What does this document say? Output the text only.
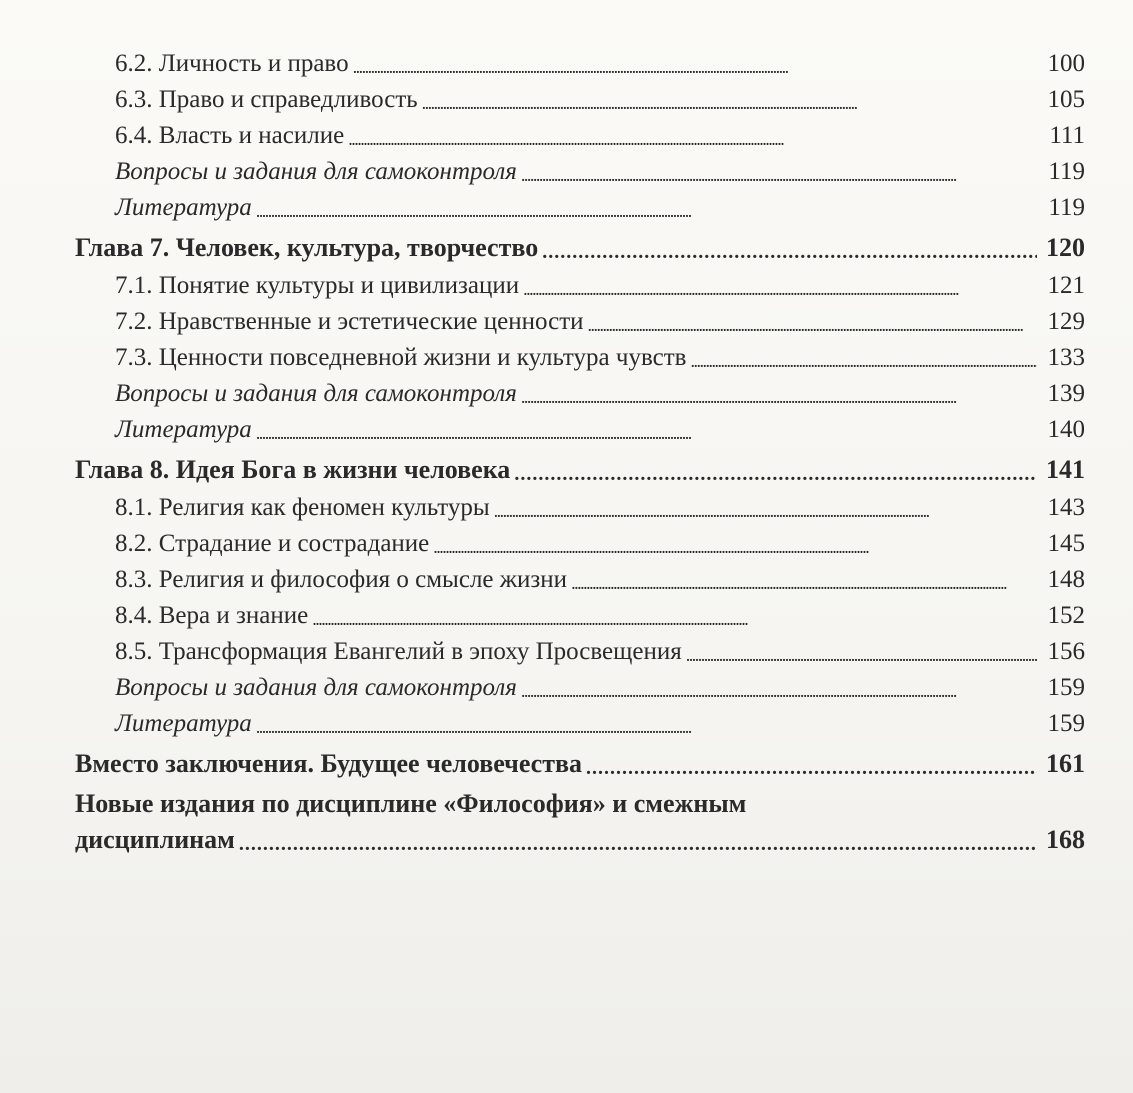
6.2. Личность и право . . .	100
6.3. Право и справедливость . . .	105
6.4. Власть и насилие . . .	111
Вопросы и задания для самоконтроля . . .	119
Литература . . .	119
Глава 7. Человек, культура, творчество . . .	120
7.1. Понятие культуры и цивилизации . . .	121
7.2. Нравственные и эстетические ценности . . .	129
7.3. Ценности повседневной жизни и культура чувств . . .	133
Вопросы и задания для самоконтроля . . .	139
Литература . . .	140
Глава 8. Идея Бога в жизни человека . . .	141
8.1. Религия как феномен культуры . . .	143
8.2. Страдание и сострадание . . .	145
8.3. Религия и философия о смысле жизни . . .	148
8.4. Вера и знание . . .	152
8.5. Трансформация Евангелий в эпоху Просвещения . . .	156
Вопросы и задания для самоконтроля . . .	159
Литература . . .	159
Вместо заключения. Будущее человечества . . .	161
Новые издания по дисциплине «Философия» и смежным
дисциплинам . . .	168
